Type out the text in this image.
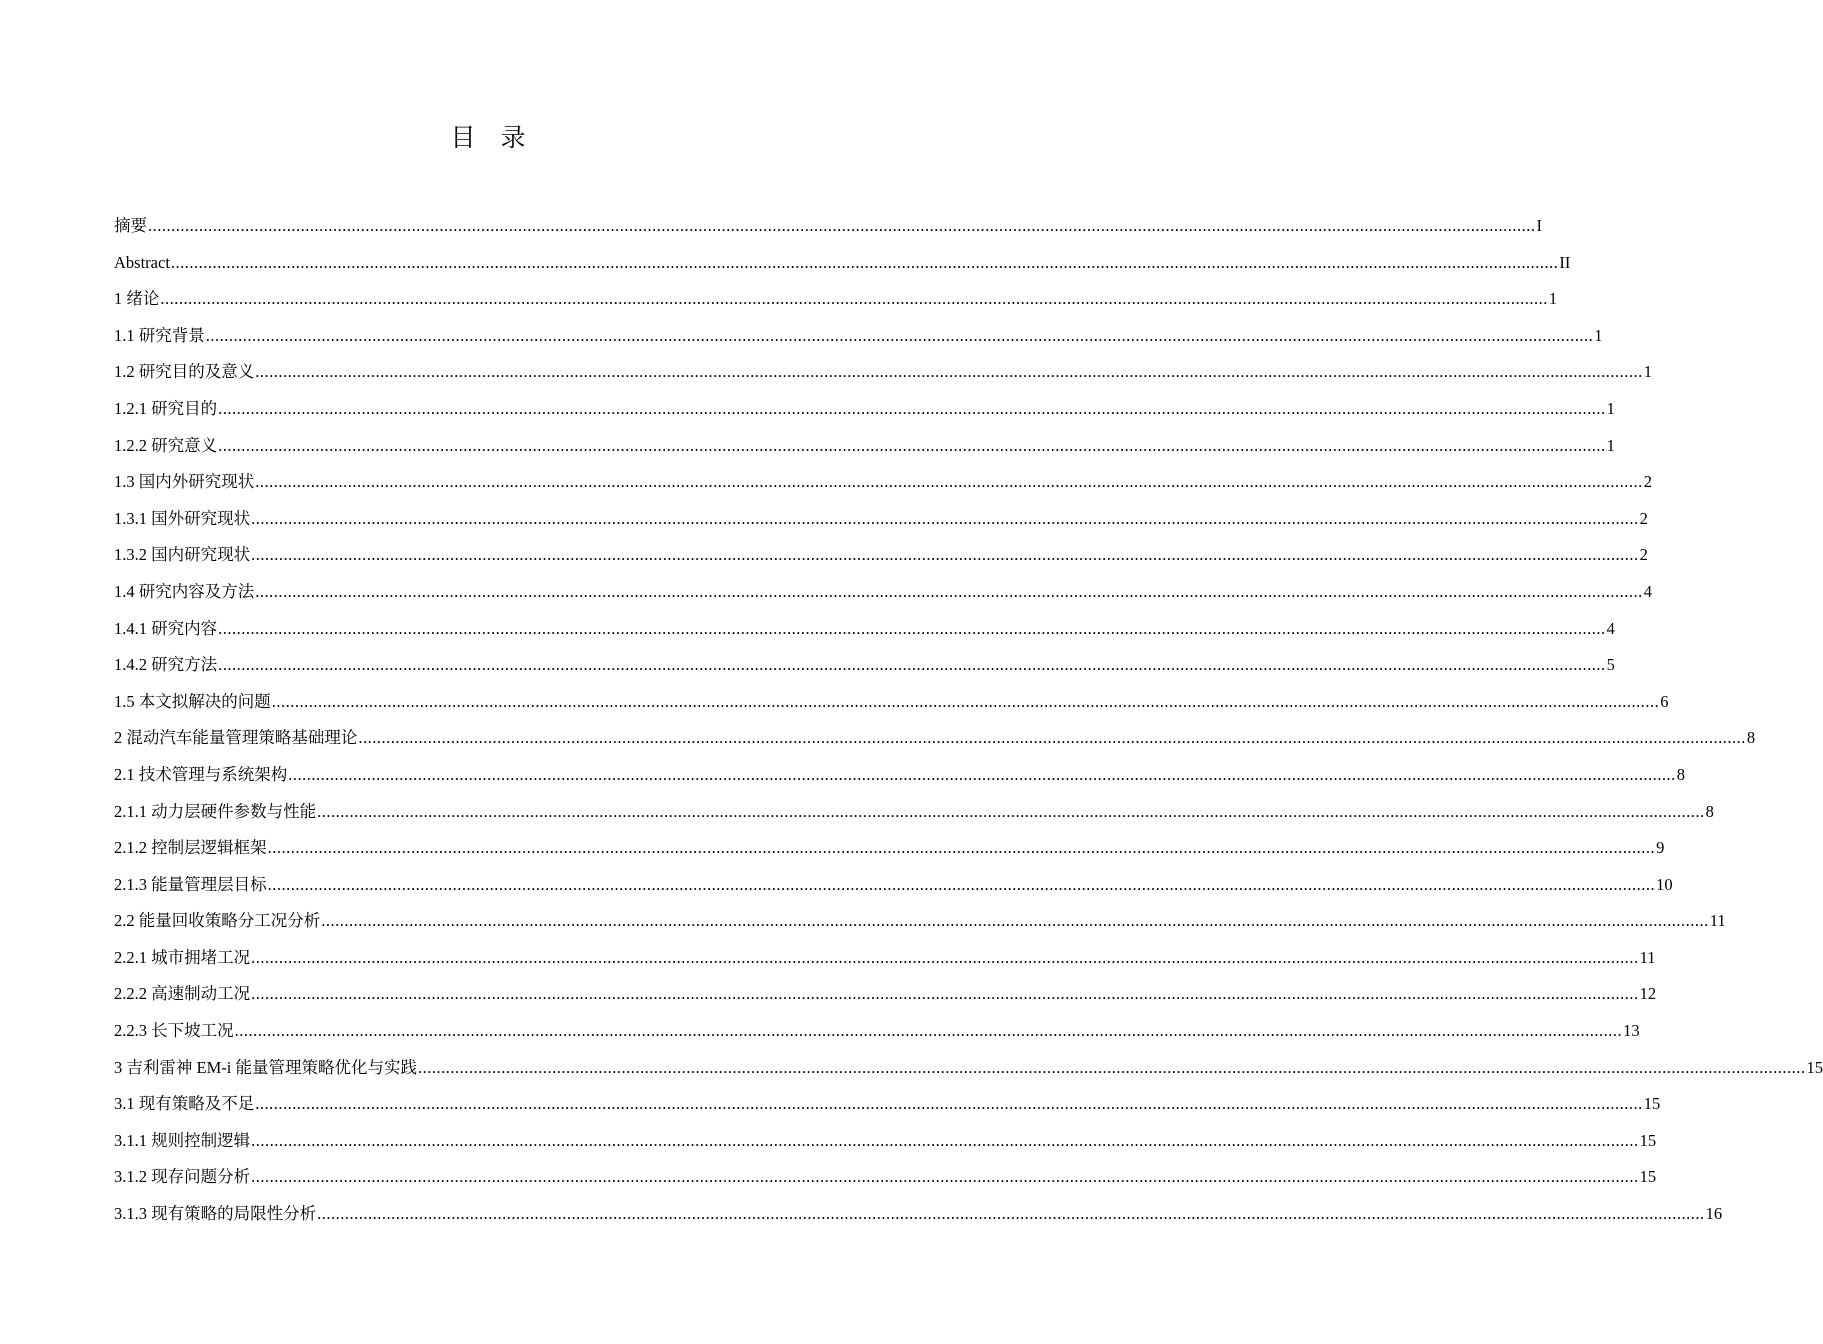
目　录
摘要 ............................................................................................................................................................................................................................................................................................................ I
Abstract ............................................................................................................................................................................................................................................................................................................ II
1 绪论 ............................................................................................................................................................................................................................................................................................................ 1
1.1 研究背景 ............................................................................................................................................................................................................................................................................................................ 1
1.2 研究目的及意义 ............................................................................................................................................................................................................................................................................................................ 1
1.2.1 研究目的 ............................................................................................................................................................................................................................................................................................................ 1
1.2.2 研究意义 ............................................................................................................................................................................................................................................................................................................ 1
1.3 国内外研究现状 ............................................................................................................................................................................................................................................................................................................ 2
1.3.1 国外研究现状 ............................................................................................................................................................................................................................................................................................................ 2
1.3.2 国内研究现状 ............................................................................................................................................................................................................................................................................................................ 2
1.4 研究内容及方法 ............................................................................................................................................................................................................................................................................................................ 4
1.4.1 研究内容 ............................................................................................................................................................................................................................................................................................................ 4
1.4.2 研究方法 ............................................................................................................................................................................................................................................................................................................ 5
1.5 本文拟解决的问题 ............................................................................................................................................................................................................................................................................................................ 6
2 混动汽车能量管理策略基础理论 ............................................................................................................................................................................................................................................................................................................ 8
2.1 技术管理与系统架构 ............................................................................................................................................................................................................................................................................................................ 8
2.1.1 动力层硬件参数与性能 ............................................................................................................................................................................................................................................................................................................ 8
2.1.2 控制层逻辑框架 ............................................................................................................................................................................................................................................................................................................ 9
2.1.3 能量管理层目标 ............................................................................................................................................................................................................................................................................................................ 10
2.2 能量回收策略分工况分析 ............................................................................................................................................................................................................................................................................................................ 11
2.2.1 城市拥堵工况 ............................................................................................................................................................................................................................................................................................................ 11
2.2.2 高速制动工况 ............................................................................................................................................................................................................................................................................................................ 12
2.2.3 长下坡工况 ............................................................................................................................................................................................................................................................................................................ 13
3 吉利雷神 EM-i 能量管理策略优化与实践 ............................................................................................................................................................................................................................................................................................................ 15
3.1 现有策略及不足 ............................................................................................................................................................................................................................................................................................................ 15
3.1.1 规则控制逻辑 ............................................................................................................................................................................................................................................................................................................ 15
3.1.2 现存问题分析 ............................................................................................................................................................................................................................................................................................................ 15
3.1.3 现有策略的局限性分析 ............................................................................................................................................................................................................................................................................................................ 16
